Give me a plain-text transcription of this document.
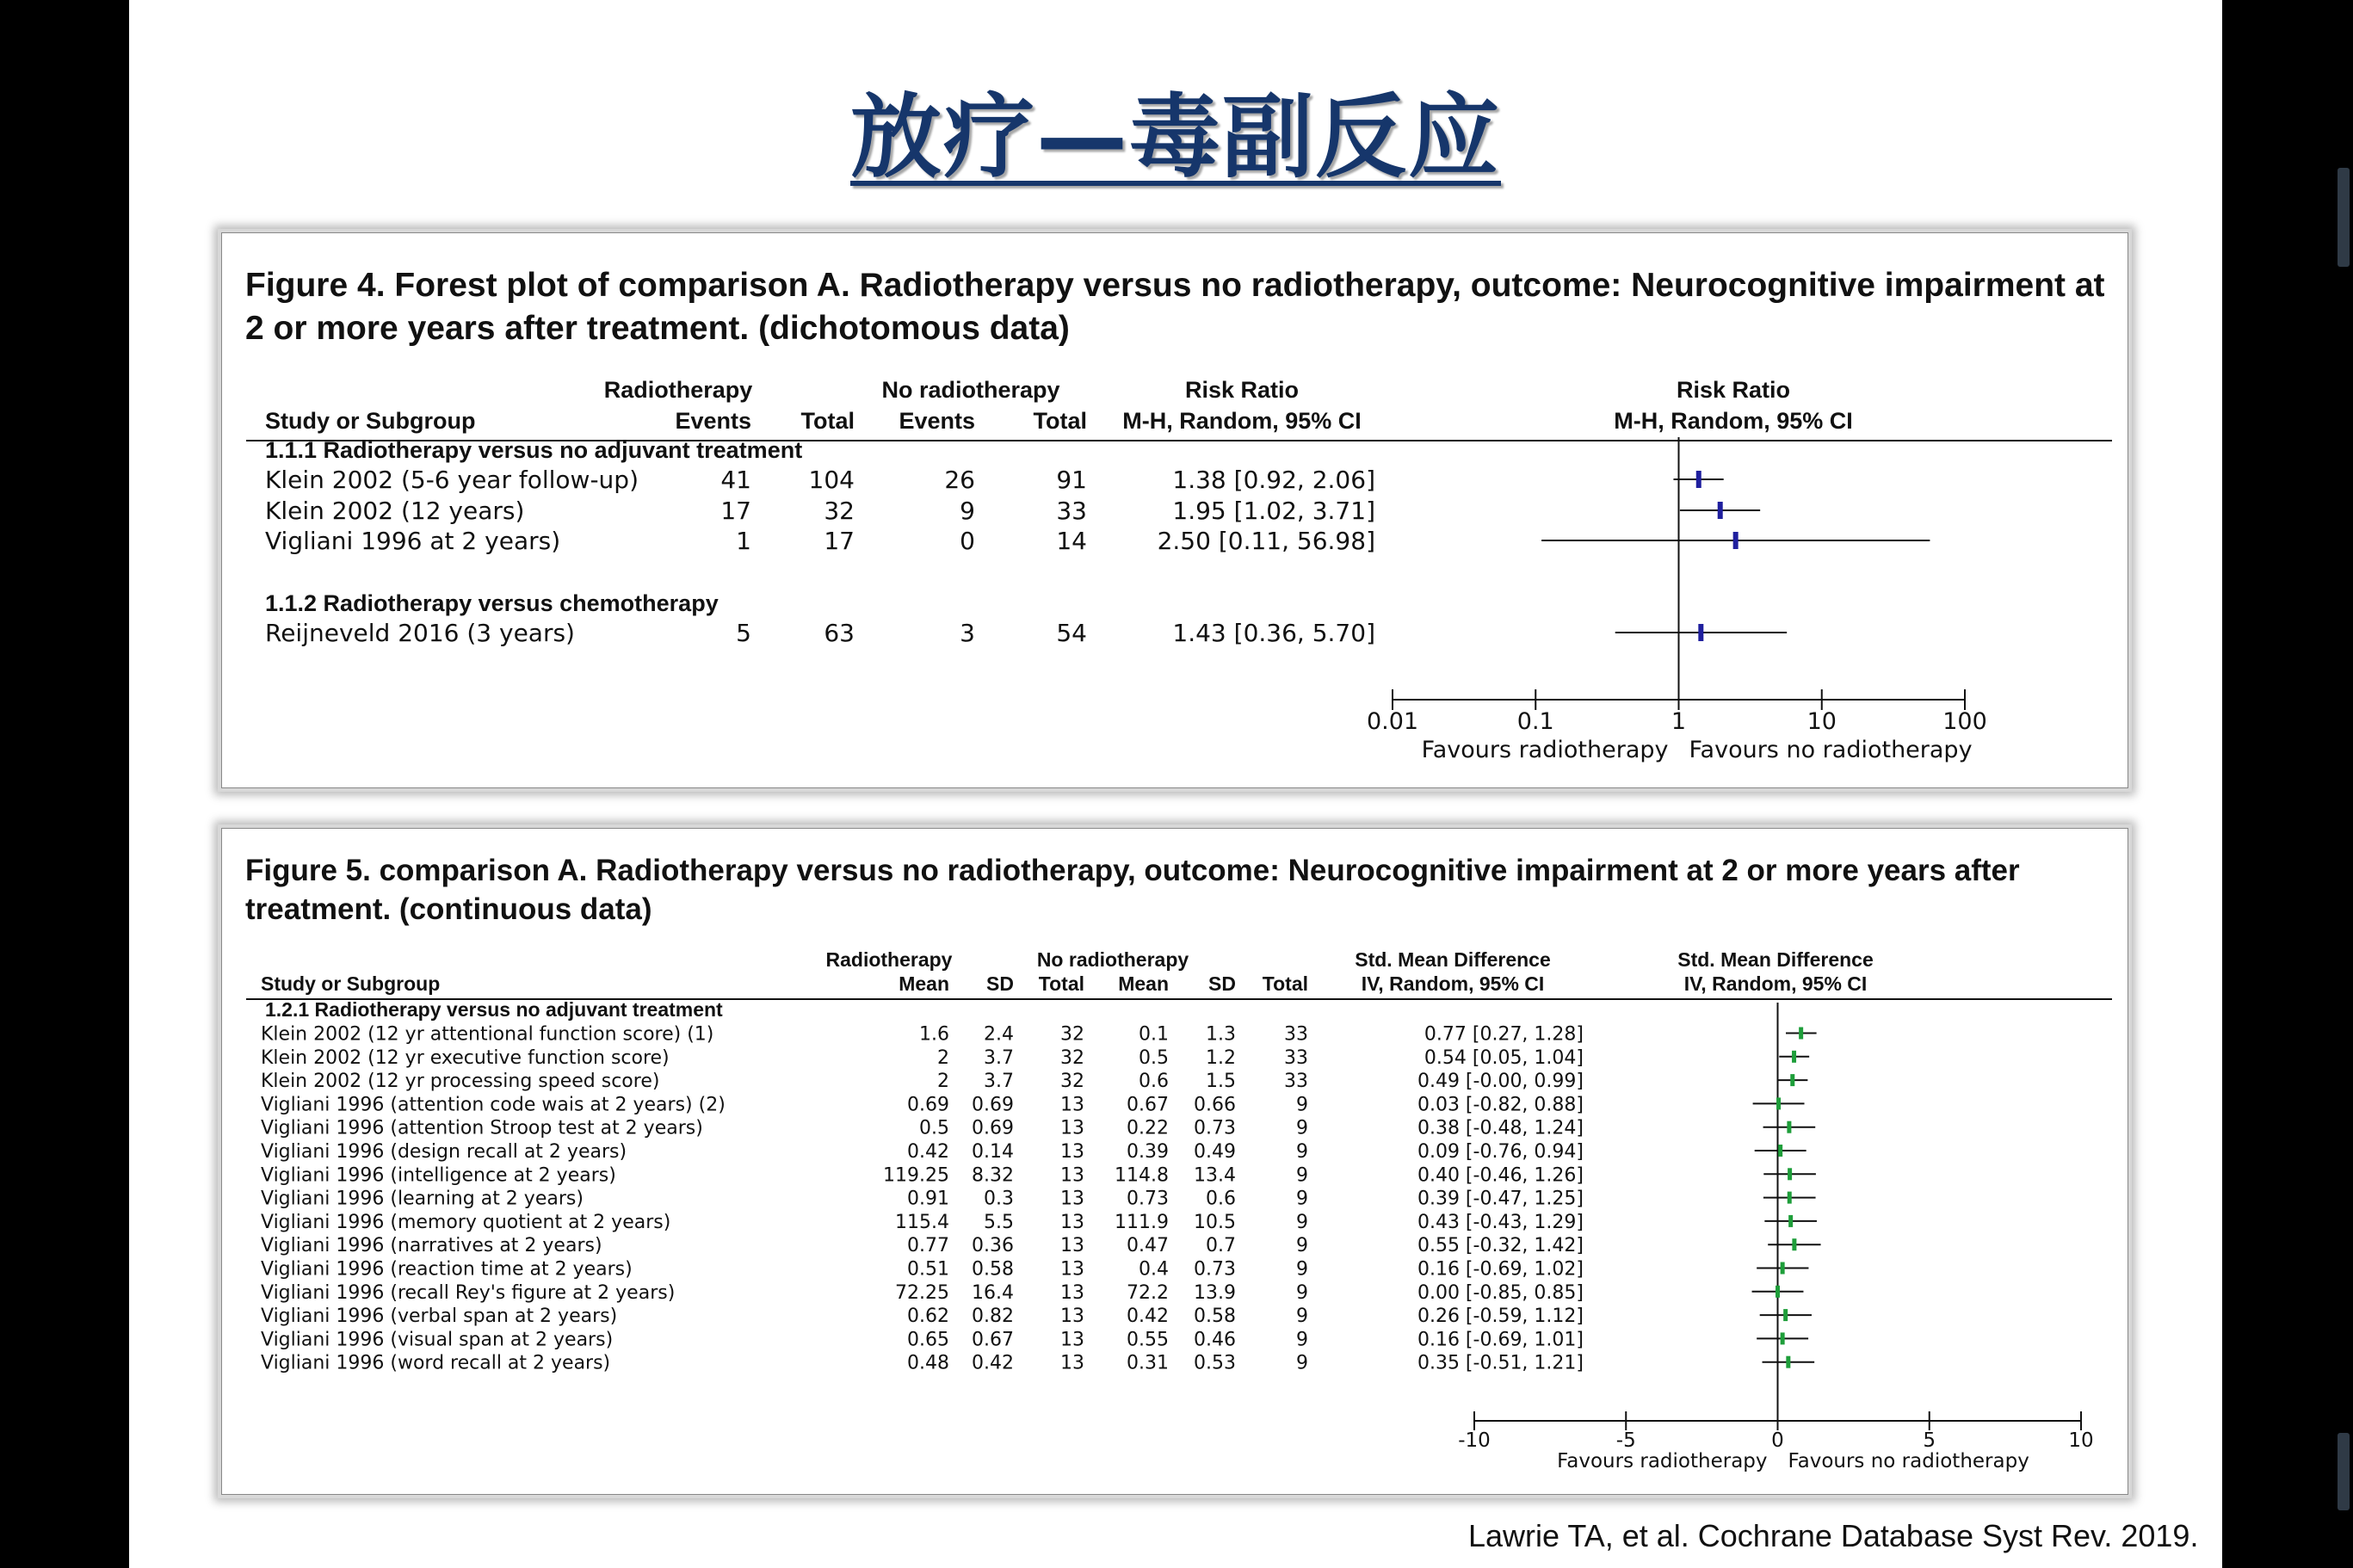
放疗—毒副反应
Figure 4. Forest plot of comparison A. Radiotherapy versus no radiotherapy, outcome: Neurocognitive impairment at 2 or more years after treatment. (dichotomous data)
Radiotherapy	No radiotherapy	Risk Ratio	Risk Ratio
Study or Subgroup	Events Total Events	Total M-H, Random, 95% CI	M-H, Random, 95% CI
1.1.1 Radiotherapy versus no adjuvant treatment
Klein 2002 (5-6 year follow-up)	41 104	26	91	1.38 [0.92, 2.06]
Klein 2002 (12 years)	17	32	9	33	1.95 [1.02, 3.71]
Vigliani 1996 at 2 years)	1	17	0	14	2.50 [0.11, 56.98]
1.1.2 Radiotherapy versus chemotherapy
Reijneveld 2016 (3 years)	5	63	3	54	1.43 [0.36, 5.70]
0.01	0.1	1	10	100
Favours radiotherapy Favours no radiotherapy
Figure 5. comparison A. Radiotherapy versus no radiotherapy, outcome: Neurocognitive impairment at 2 or more years after treatment. (continuous data)
Radiotherapy	No radiotherapy	Std. Mean Difference	Std. Mean Difference
Study or Subgroup	Mean SD Total Mean SD Total	IV, Random, 95% CI	IV, Random, 95% CI
1.2.1 Radiotherapy versus no adjuvant treatment
Klein 2002 (12 yr attentional function score) (1)	1.6 2.4 32	0.1 1.3	33	0.77 [0.27, 1.28]
Klein 2002 (12 yr executive function score)	2 3.7 32	0.5 1.2	33	0.54 [0.05, 1.04]
Klein 2002 (12 yr processing speed score)	2 3.7 32	0.6 1.5	33	0.49 [-0.00, 0.99]
Vigliani 1996 (attention code wais at 2 years) (2)	0.69 0.69 13 0.67 0.66	9	0.03 [-0.82, 0.88]
Vigliani 1996 (attention Stroop test at 2 years)	0.5 0.69 13 0.22 0.73	9	0.38 [-0.48, 1.24]
Vigliani 1996 (design recall at 2 years)	0.42 0.14 13 0.39 0.49	9	0.09 [-0.76, 0.94]
Vigliani 1996 (intelligence at 2 years)	119.25 8.32 13 114.8 13.4	9	0.40 [-0.46, 1.26]
Vigliani 1996 (learning at 2 years)	0.91 0.3 13 0.73 0.6	9	0.39 [-0.47, 1.25]
Vigliani 1996 (memory quotient at 2 years)	115.4 5.5 13 111.9 10.5	9	0.43 [-0.43, 1.29]
Vigliani 1996 (narratives at 2 years)	0.77 0.36 13 0.47 0.7	9	0.55 [-0.32, 1.42]
Vigliani 1996 (reaction time at 2 years)	0.51 0.58 13	0.4 0.73	9	0.16 [-0.69, 1.02]
Vigliani 1996 (recall Rey's figure at 2 years)	72.25 16.4 13 72.2 13.9	9	0.00 [-0.85, 0.85]
Vigliani 1996 (verbal span at 2 years)	0.62 0.82 13 0.42 0.58	9	0.26 [-0.59, 1.12]
Vigliani 1996 (visual span at 2 years)	0.65 0.67 13 0.55 0.46	9	0.16 [-0.69, 1.01]
Vigliani 1996 (word recall at 2 years)	0.48 0.42 13 0.31 0.53	9	0.35 [-0.51, 1.21]
-10	-5	0	5	10
Favours radiotherapy Favours no radiotherapy
Lawrie TA, et al. Cochrane Database Syst Rev. 2019.
